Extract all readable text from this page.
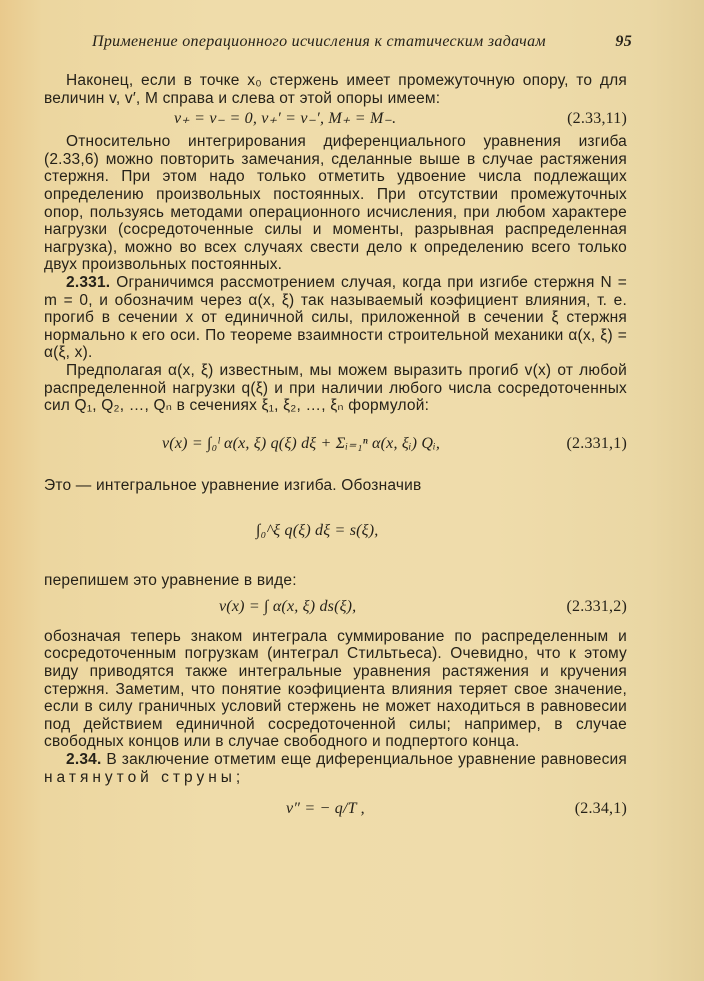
Применение операционного исчисления к статическим задачам	95

Наконец, если в точке x₀ стержень имеет промежуточную опору, то для величин v, v′, M справа и слева от этой опоры имеем:

v₊ = v₋ = 0, v₊′ = v₋′, M₊ = M₋.	(2.33,11)

Относительно интегрирования диференциального уравнения изгиба (2.33,6) можно повторить замечания, сделанные выше в случае растяжения стержня. При этом надо только отметить удвоение числа подлежащих определению произвольных постоянных. При отсутствии промежуточных опор, пользуясь методами операционного исчисления, при любом характере нагрузки (сосредоточенные силы и моменты, разрывная распределенная нагрузка), можно во всех случаях свести дело к определению всего только двух произвольных постоянных.

2.331. Ограничимся рассмотрением случая, когда при изгибе стержня N = m = 0, и обозначим через α(x, ξ) так называемый коэфициент влияния, т. е. прогиб в сечении x от единичной силы, приложенной в сечении ξ стержня нормально к его оси. По теореме взаимности строительной механики α(x, ξ) = α(ξ, x).

Предполагая α(x, ξ) известным, мы можем выразить прогиб v(x) от любой распределенной нагрузки q(ξ) и при наличии любого числа сосредоточенных сил Q₁, Q₂, …, Qₙ в сечениях ξ₁, ξ₂, …, ξₙ формулой:

v(x) = ∫₀ˡ α(x, ξ) q(ξ) dξ + Σᵢ₌₁ⁿ α(x, ξᵢ) Qᵢ,	(2.331,1)

Это — интегральное уравнение изгиба. Обозначив

∫₀^ξ q(ξ) dξ = s(ξ),

перепишем это уравнение в виде:

v(x) = ∫ α(x, ξ) ds(ξ),	(2.331,2)

обозначая теперь знаком интеграла суммирование по распределенным и сосредоточенным погрузкам (интеграл Стильтьеса). Очевидно, что к этому виду приводятся также интегральные уравнения растяжения и кручения стержня. Заметим, что понятие коэфициента влияния теряет свое значение, если в силу граничных условий стержень не может находиться в равновесии под действием единичной сосредоточенной силы; например, в случае свободных концов или в случае свободного и подпертого конца.

2.34. В заключение отметим еще диференциальное уравнение равновесия натянутой струны;

v″ = − q/T ,	(2.34,1)
